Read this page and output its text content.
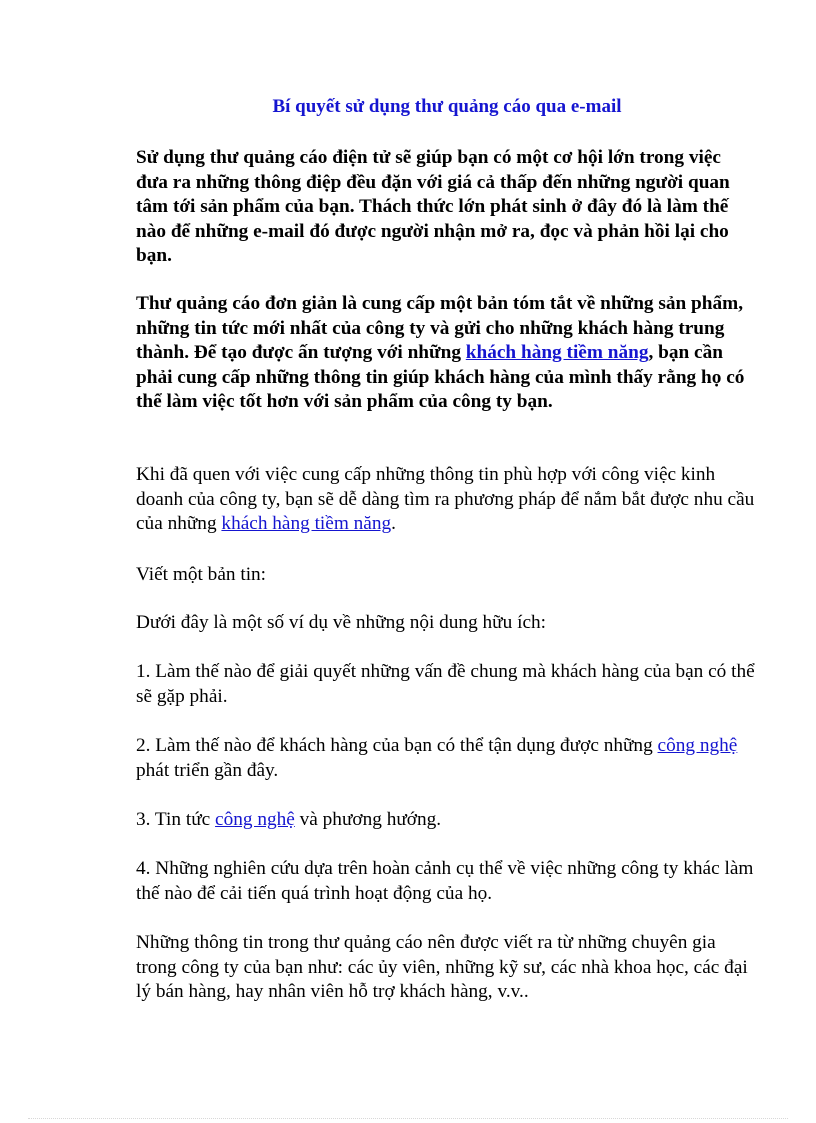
Bí quyết sử dụng thư quảng cáo qua e-mail

Sử dụng thư quảng cáo điện tử sẽ giúp bạn có một cơ hội lớn trong việc đưa ra những thông điệp đều đặn với giá cả thấp đến những người quan tâm tới sản phẩm của bạn. Thách thức lớn phát sinh ở đây đó là làm thế nào để những e-mail đó được người nhận mở ra, đọc và phản hồi lại cho bạn.

Thư quảng cáo đơn giản là cung cấp một bản tóm tắt về những sản phẩm, những tin tức mới nhất của công ty và gửi cho những khách hàng trung thành. Để tạo được ấn tượng với những khách hàng tiềm năng, bạn cần phải cung cấp những thông tin giúp khách hàng của mình thấy rằng họ có thể làm việc tốt hơn với sản phẩm của công ty bạn.

Khi đã quen với việc cung cấp những thông tin phù hợp với công việc kinh doanh của công ty, bạn sẽ dễ dàng tìm ra phương pháp để nắm bắt được nhu cầu của những khách hàng tiềm năng.

Viết một bản tin:

Dưới đây là một số ví dụ về những nội dung hữu ích:

1. Làm thế nào để giải quyết những vấn đề chung mà khách hàng của bạn có thể sẽ gặp phải.

2. Làm thế nào để khách hàng của bạn có thể tận dụng được những công nghệ phát triển gần đây.

3. Tin tức công nghệ và phương hướng.

4. Những nghiên cứu dựa trên hoàn cảnh cụ thể về việc những công ty khác làm thế nào để cải tiến quá trình hoạt động của họ.

Những thông tin trong thư quảng cáo nên được viết ra từ những chuyên gia trong công ty của bạn như: các ủy viên, những kỹ sư, các nhà khoa học, các đại lý bán hàng, hay nhân viên hỗ trợ khách hàng, v.v..
